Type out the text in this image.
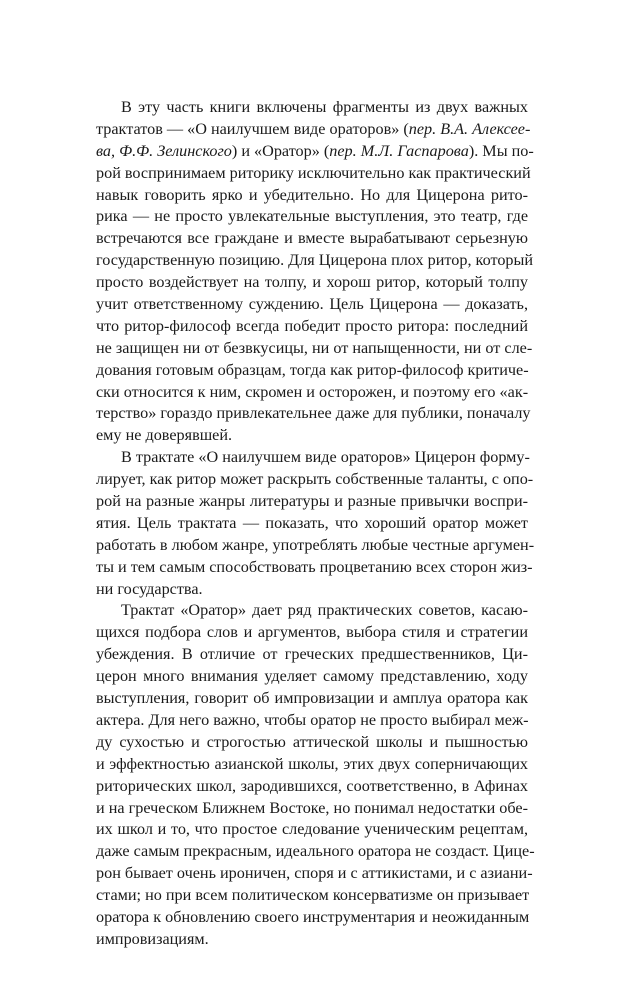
В эту часть книги включены фрагменты из двух важных
трактатов — «О наилучшем виде ораторов» (пер. В.А. Алексее-
ва, Ф.Ф. Зелинского) и «Оратор» (пер. М.Л. Гаспарова). Мы по-
рой воспринимаем риторику исключительно как практический
навык говорить ярко и убедительно. Но для Цицерона рито-
рика — не просто увлекательные выступления, это театр, где
встречаются все граждане и вместе вырабатывают серьезную
государственную позицию. Для Цицерона плох ритор, который
просто воздействует на толпу, и хорош ритор, который толпу
учит ответственному суждению. Цель Цицерона — доказать,
что ритор-философ всегда победит просто ритора: последний
не защищен ни от безвкусицы, ни от напыщенности, ни от сле-
дования готовым образцам, тогда как ритор-философ критиче-
ски относится к ним, скромен и осторожен, и поэтому его «ак-
терство» гораздо привлекательнее даже для публики, поначалу
ему не доверявшей.
В трактате «О наилучшем виде ораторов» Цицерон форму-
лирует, как ритор может раскрыть собственные таланты, с опо-
рой на разные жанры литературы и разные привычки воспри-
ятия. Цель трактата — показать, что хороший оратор может
работать в любом жанре, употреблять любые честные аргумен-
ты и тем самым способствовать процветанию всех сторон жиз-
ни государства.
Трактат «Оратор» дает ряд практических советов, касаю-
щихся подбора слов и аргументов, выбора стиля и стратегии
убеждения. В отличие от греческих предшественников, Ци-
церон много внимания уделяет самому представлению, ходу
выступления, говорит об импровизации и амплуа оратора как
актера. Для него важно, чтобы оратор не просто выбирал меж-
ду сухостью и строгостью аттической школы и пышностью
и эффектностью азианской школы, этих двух соперничающих
риторических школ, зародившихся, соответственно, в Афинах
и на греческом Ближнем Востоке, но понимал недостатки обе-
их школ и то, что простое следование ученическим рецептам,
даже самым прекрасным, идеального оратора не создаст. Цице-
рон бывает очень ироничен, споря и с аттикистами, и с азиани-
стами; но при всем политическом консерватизме он призывает
оратора к обновлению своего инструментария и неожиданным
импровизациям.
